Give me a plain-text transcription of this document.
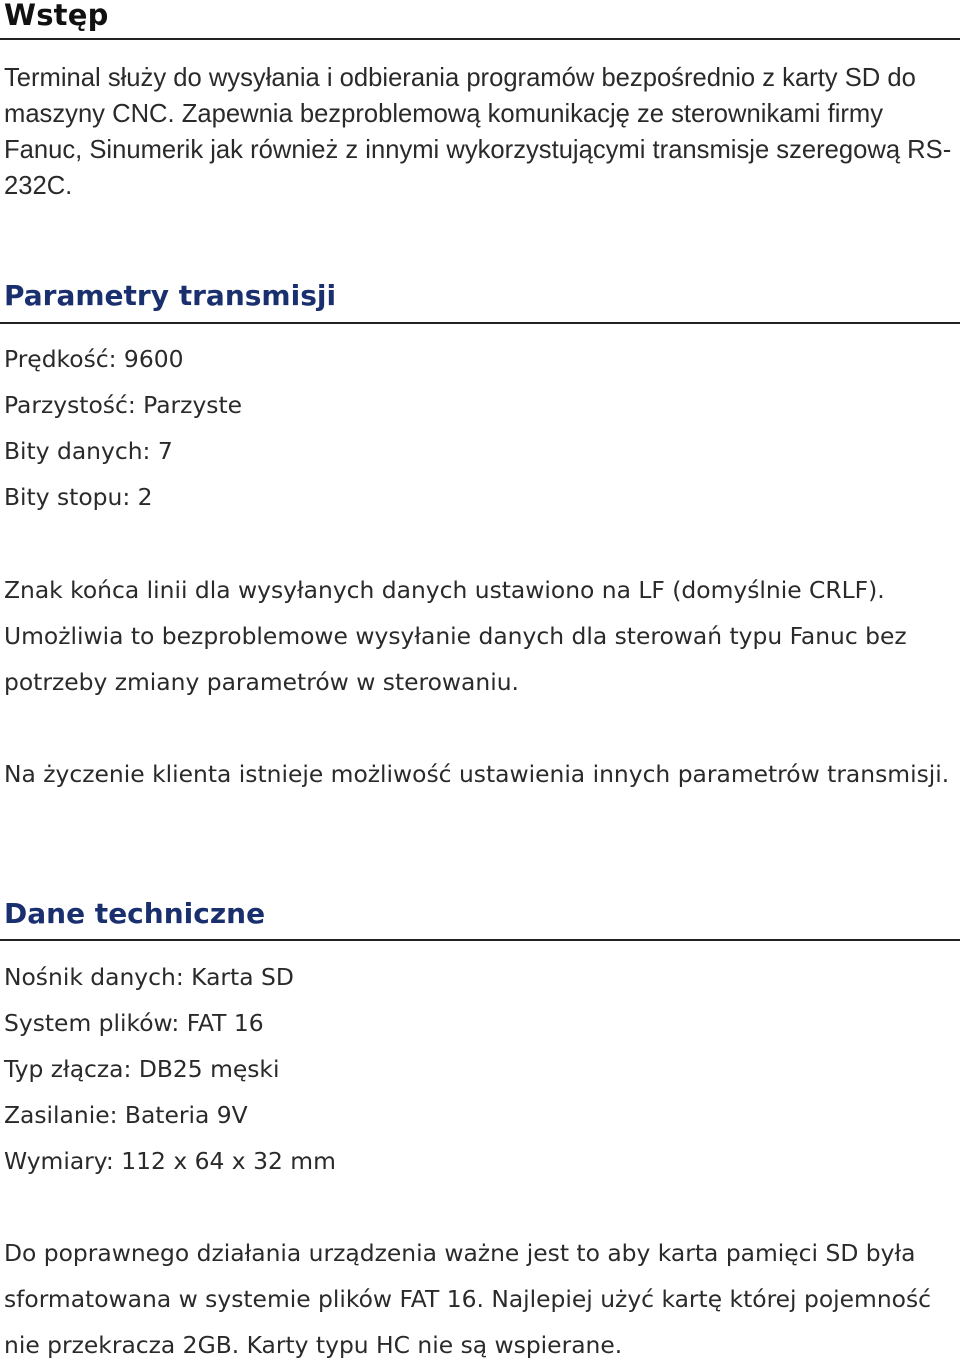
Wstęp

Terminal służy do wysyłania i odbierania programów bezpośrednio z karty SD do maszyny CNC. Zapewnia bezproblemową komunikację ze sterownikami firmy Fanuc, Sinumerik jak również z innymi wykorzystującymi transmisje szeregową RS-232C.

Parametry transmisji

Prędkość: 9600

Parzystość: Parzyste

Bity danych: 7

Bity stopu: 2

Znak końca linii dla wysyłanych danych ustawiono na LF (domyślnie CRLF). Umożliwia to bezproblemowe wysyłanie danych dla sterowań typu Fanuc bez potrzeby zmiany parametrów w sterowaniu.

Na życzenie klienta istnieje możliwość ustawienia innych parametrów transmisji.

Dane techniczne

Nośnik danych: Karta SD

System plików: FAT 16

Typ złącza: DB25 męski

Zasilanie: Bateria 9V

Wymiary: 112 x 64 x 32 mm

Do poprawnego działania urządzenia ważne jest to aby karta pamięci SD była sformatowana w systemie plików FAT 16. Najlepiej użyć kartę której pojemność nie przekracza 2GB. Karty typu HC nie są wspierane.
